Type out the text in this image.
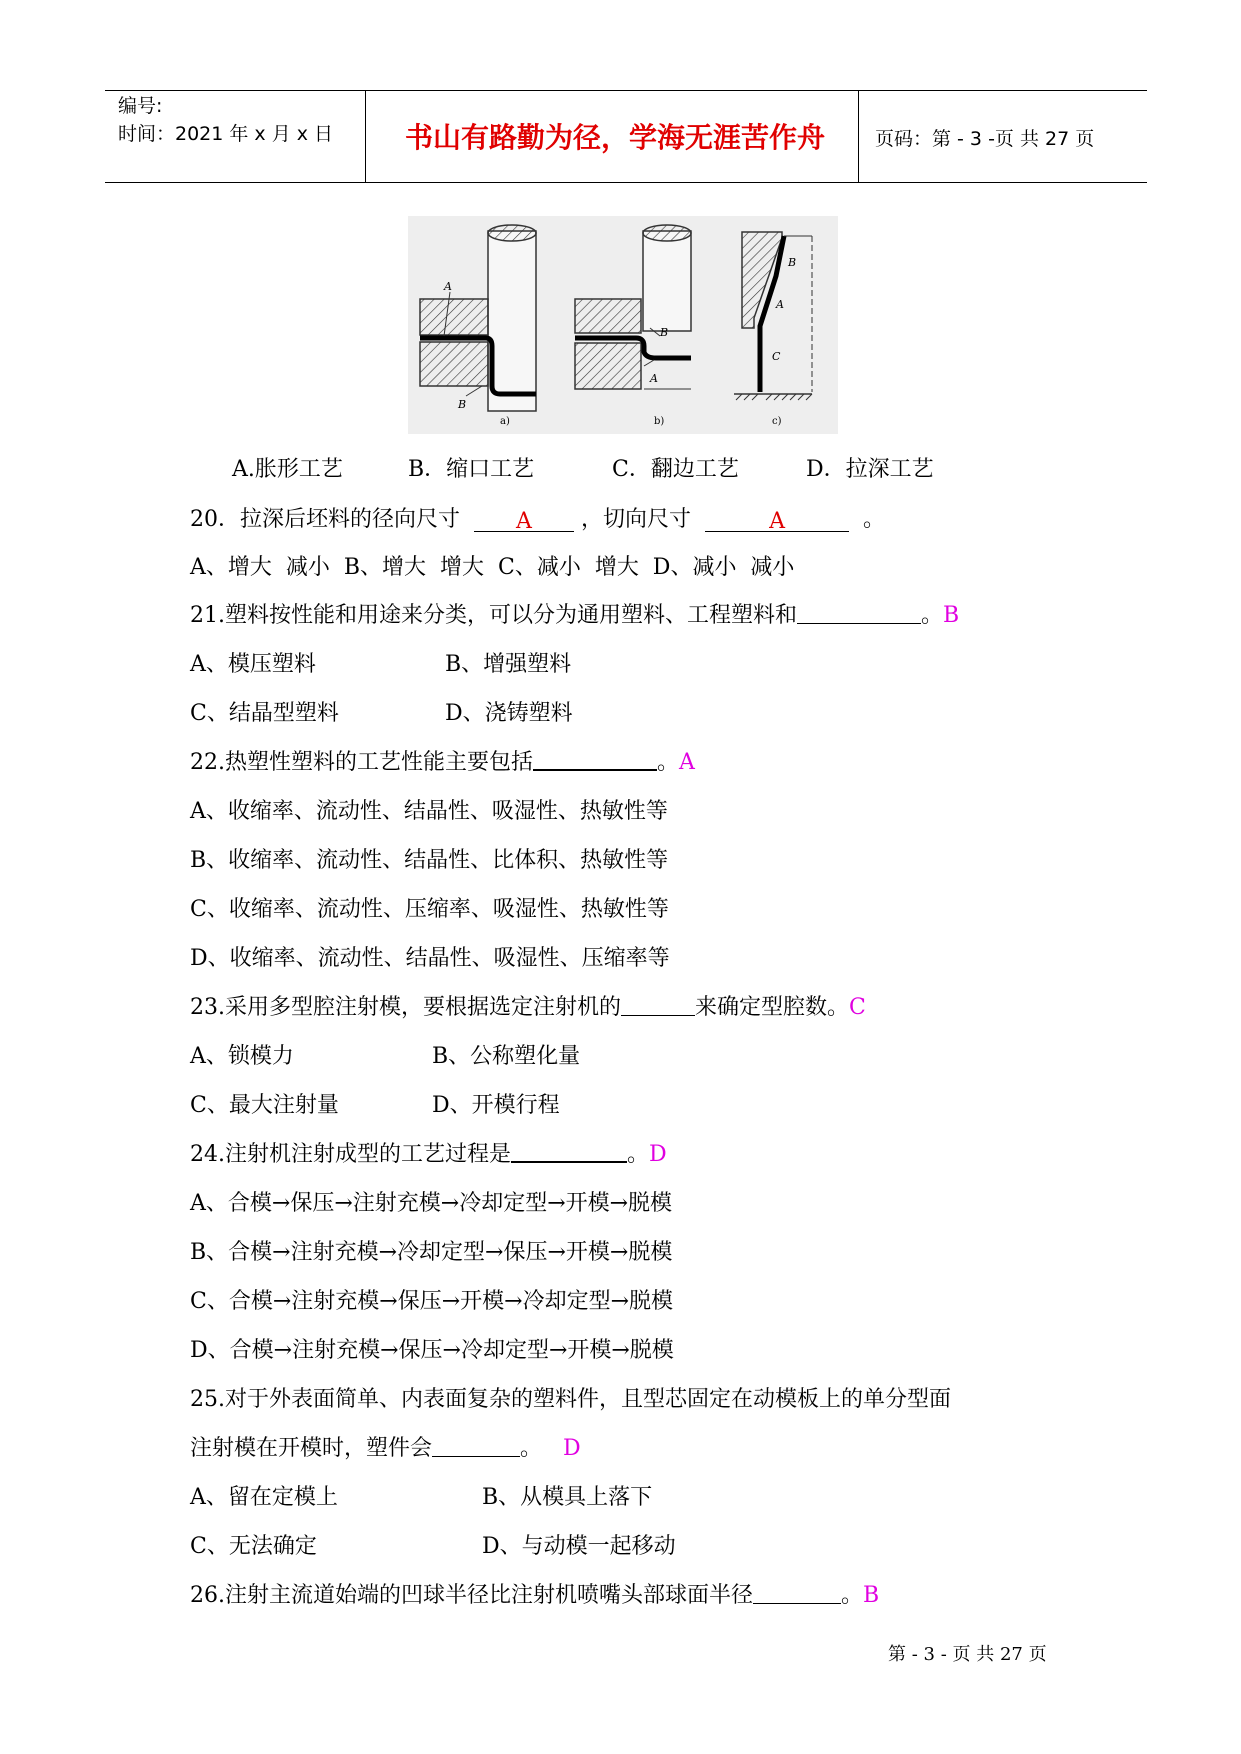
编号:
时间：2021 年 x 月 x 日	书山有路勤为径，学海无涯苦作舟	页码：第 - 3 -页 共 27 页
A
B
a)
B
A
b)
B
A
C
c)
A.胀形工艺	B．缩口工艺	C．翻边工艺	D．拉深工艺
20．拉深后坯料的径向尺寸	A ，切向尺寸	A	。
A、增大  减小  B、增大  增大  C、减小  增大  D、减小  减小
21.塑料按性能和用途来分类，可以分为通用塑料、工程塑料和	。B
A、模压塑料	B、增强塑料
C、结晶型塑料	D、浇铸塑料
22.热塑性塑料的工艺性能主要包括	。A
A、收缩率、流动性、结晶性、吸湿性、热敏性等
B、收缩率、流动性、结晶性、比体积、热敏性等
C、收缩率、流动性、压缩率、吸湿性、热敏性等
D、收缩率、流动性、结晶性、吸湿性、压缩率等
23.采用多型腔注射模，要根据选定注射机的	来确定型腔数。C
A、锁模力	B、公称塑化量
C、最大注射量	D、开模行程
24.注射机注射成型的工艺过程是	。D
A、合模→保压→注射充模→冷却定型→开模→脱模
B、合模→注射充模→冷却定型→保压→开模→脱模
C、合模→注射充模→保压→开模→冷却定型→脱模
D、合模→注射充模→保压→冷却定型→开模→脱模
25.对于外表面简单、内表面复杂的塑料件，且型芯固定在动模板上的单分型面
注射模在开模时，塑件会	。 D
A、留在定模上	B、从模具上落下
C、无法确定	D、与动模一起移动
26.注射主流道始端的凹球半径比注射机喷嘴头部球面半径	。B
第 - 3 - 页 共 27 页
